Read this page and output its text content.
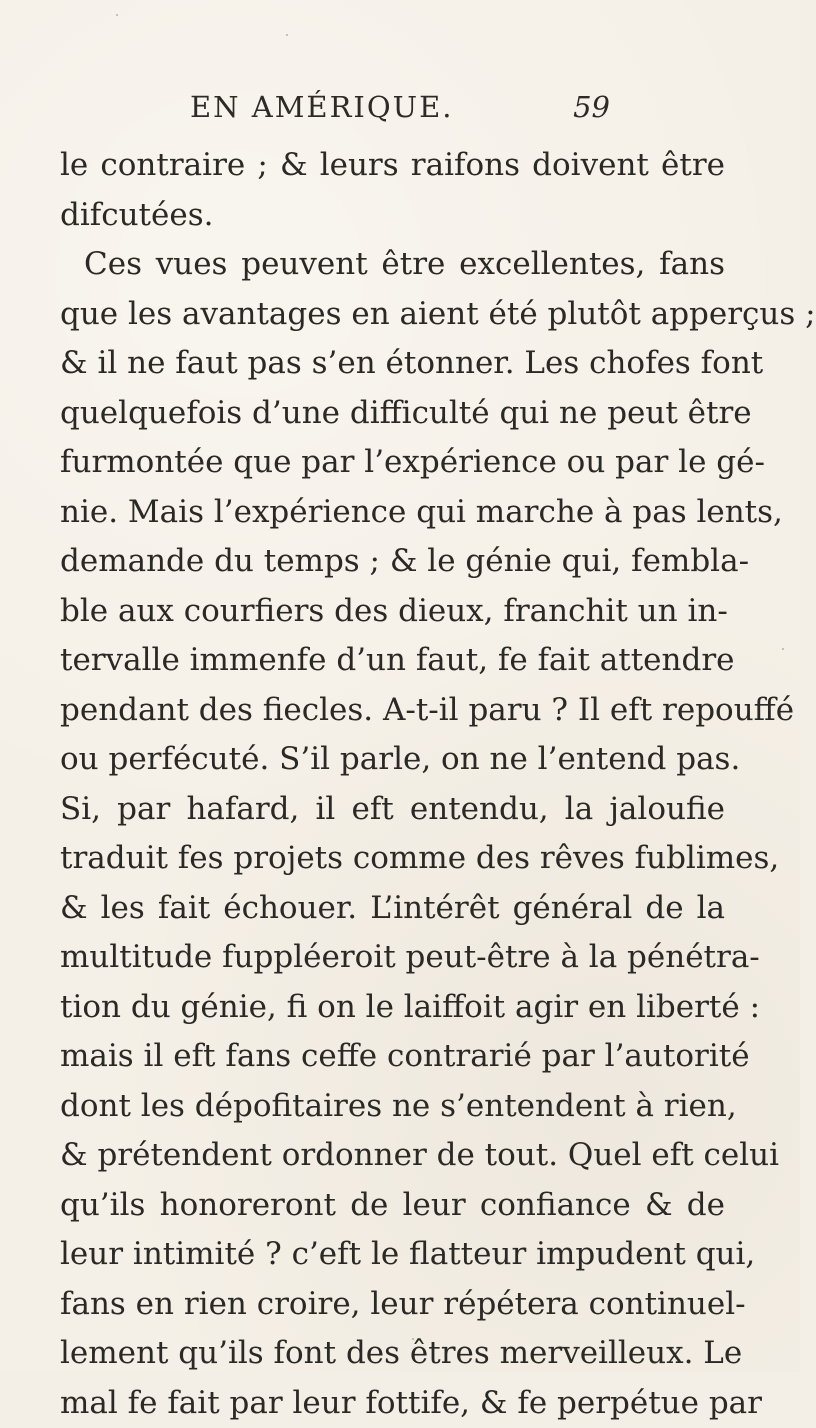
EN AMÉRIQUE.	59
le contraire ; & leurs raifons doivent être
difcutées.
Ces vues peuvent être excellentes, fans
que les avantages en aient été plutôt apperçus ;
& il ne faut pas s’en étonner. Les chofes font
quelquefois d’une difficulté qui ne peut être
furmontée que par l’expérience ou par le gé-
nie. Mais l’expérience qui marche à pas lents,
demande du temps ; & le génie qui, fembla-
ble aux courfiers des dieux, franchit un in-
tervalle immenfe d’un faut, fe fait attendre
pendant des fiecles. A-t-il paru ? Il eft repouffé
ou perfécuté. S’il parle, on ne l’entend pas.
Si, par hafard, il eft entendu, la jaloufie
traduit fes projets comme des rêves fublimes,
& les fait échouer. L’intérêt général de la
multitude fuppléeroit peut-être à la pénétra-
tion du génie, fi on le laiffoit agir en liberté :
mais il eft fans ceffe contrarié par l’autorité
dont les dépofitaires ne s’entendent à rien,
& prétendent ordonner de tout. Quel eft celui
qu’ils honoreront de leur confiance & de
leur intimité ? c’eft le flatteur impudent qui,
fans en rien croire, leur répétera continuel-
lement qu’ils font des êtres merveilleux. Le
mal fe fait par leur fottife, & fe perpétue par
